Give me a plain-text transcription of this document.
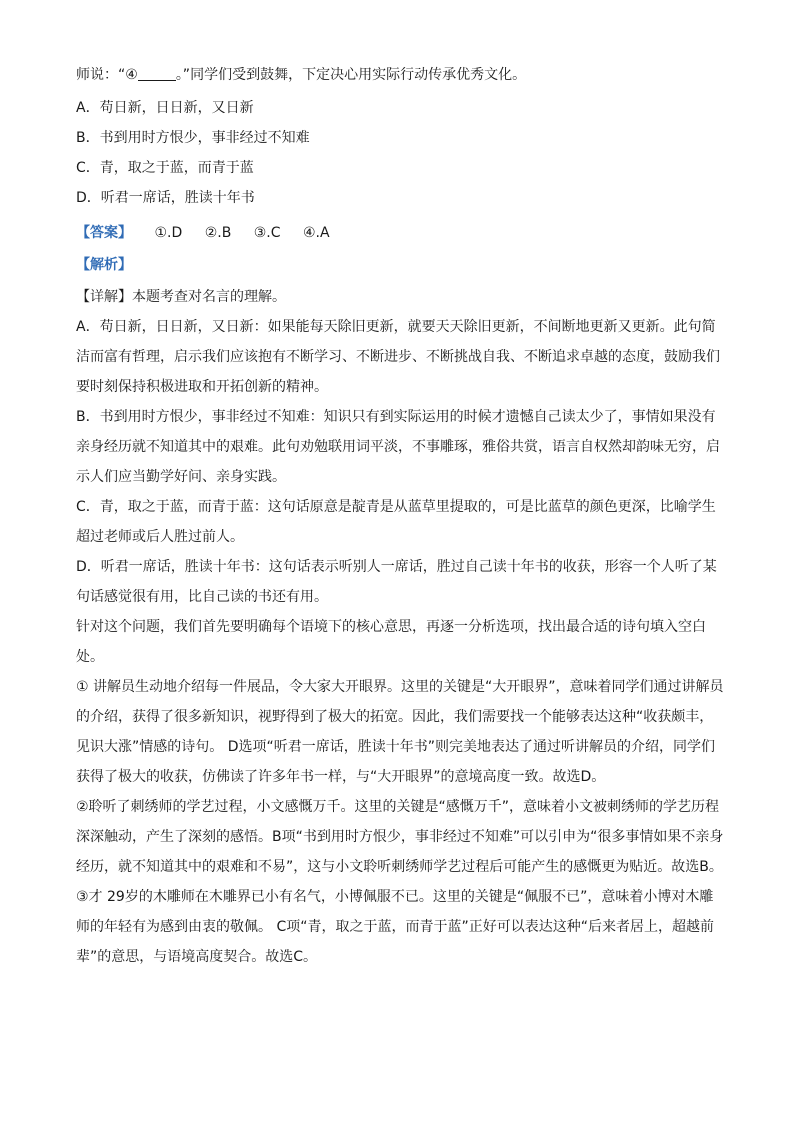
师说：“④	。”同学们受到鼓舞，下定决心用实际行动传承优秀文化。
A．苟日新，日日新，又日新
B．书到用时方恨少，事非经过不知难
C．青，取之于蓝，而青于蓝
D．听君一席话，胜读十年书
【答案】 ①.D ②.B ③.C ④.A
【解析】
【详解】本题考查对名言的理解。
A．苟日新，日日新，又日新：如果能每天除旧更新，就要天天除旧更新，不间断地更新又更新。此句简洁而富有哲理，启示我们应该抱有不断学习、不断进步、不断挑战自我、不断追求卓越的态度，鼓励我们要时刻保持积极进取和开拓创新的精神。
B．书到用时方恨少，事非经过不知难：知识只有到实际运用的时候才遗憾自己读太少了，事情如果没有亲身经历就不知道其中的艰难。此句劝勉联用词平淡，不事雕琢，雅俗共赏，语言自权然却韵味无穷，启示人们应当勤学好问、亲身实践。
C．青，取之于蓝，而青于蓝：这句话原意是靛青是从蓝草里提取的，可是比蓝草的颜色更深，比喻学生超过老师或后人胜过前人。
D．听君一席话，胜读十年书：这句话表示听别人一席话，胜过自己读十年书的收获，形容一个人听了某句话感觉很有用，比自己读的书还有用。
针对这个问题，我们首先要明确每个语境下的核心意思，再逐一分析选项，找出最合适的诗句填入空白处。
① 讲解员生动地介绍每一件展品，令大家大开眼界。这里的关键是“大开眼界”，意味着同学们通过讲解员的介绍，获得了很多新知识，视野得到了极大的拓宽。因此，我们需要找一个能够表达这种“收获颇丰，见识大涨”情感的诗句。 D选项“听君一席话，胜读十年书”则完美地表达了通过听讲解员的介绍，同学们获得了极大的收获，仿佛读了许多年书一样，与“大开眼界”的意境高度一致。故选D。
②聆听了刺绣师的学艺过程，小文感慨万千。这里的关键是“感慨万千”，意味着小文被刺绣师的学艺历程深深触动，产生了深刻的感悟。B项“书到用时方恨少，事非经过不知难”可以引申为“很多事情如果不亲身经历，就不知道其中的艰难和不易”，这与小文聆听刺绣师学艺过程后可能产生的感慨更为贴近。故选B。
③才 29岁的木雕师在木雕界已小有名气，小博佩服不已。这里的关键是“佩服不已”，意味着小博对木雕师的年轻有为感到由衷的敬佩。 C项“青，取之于蓝，而青于蓝”正好可以表达这种“后来者居上，超越前辈”的意思，与语境高度契合。故选C。
